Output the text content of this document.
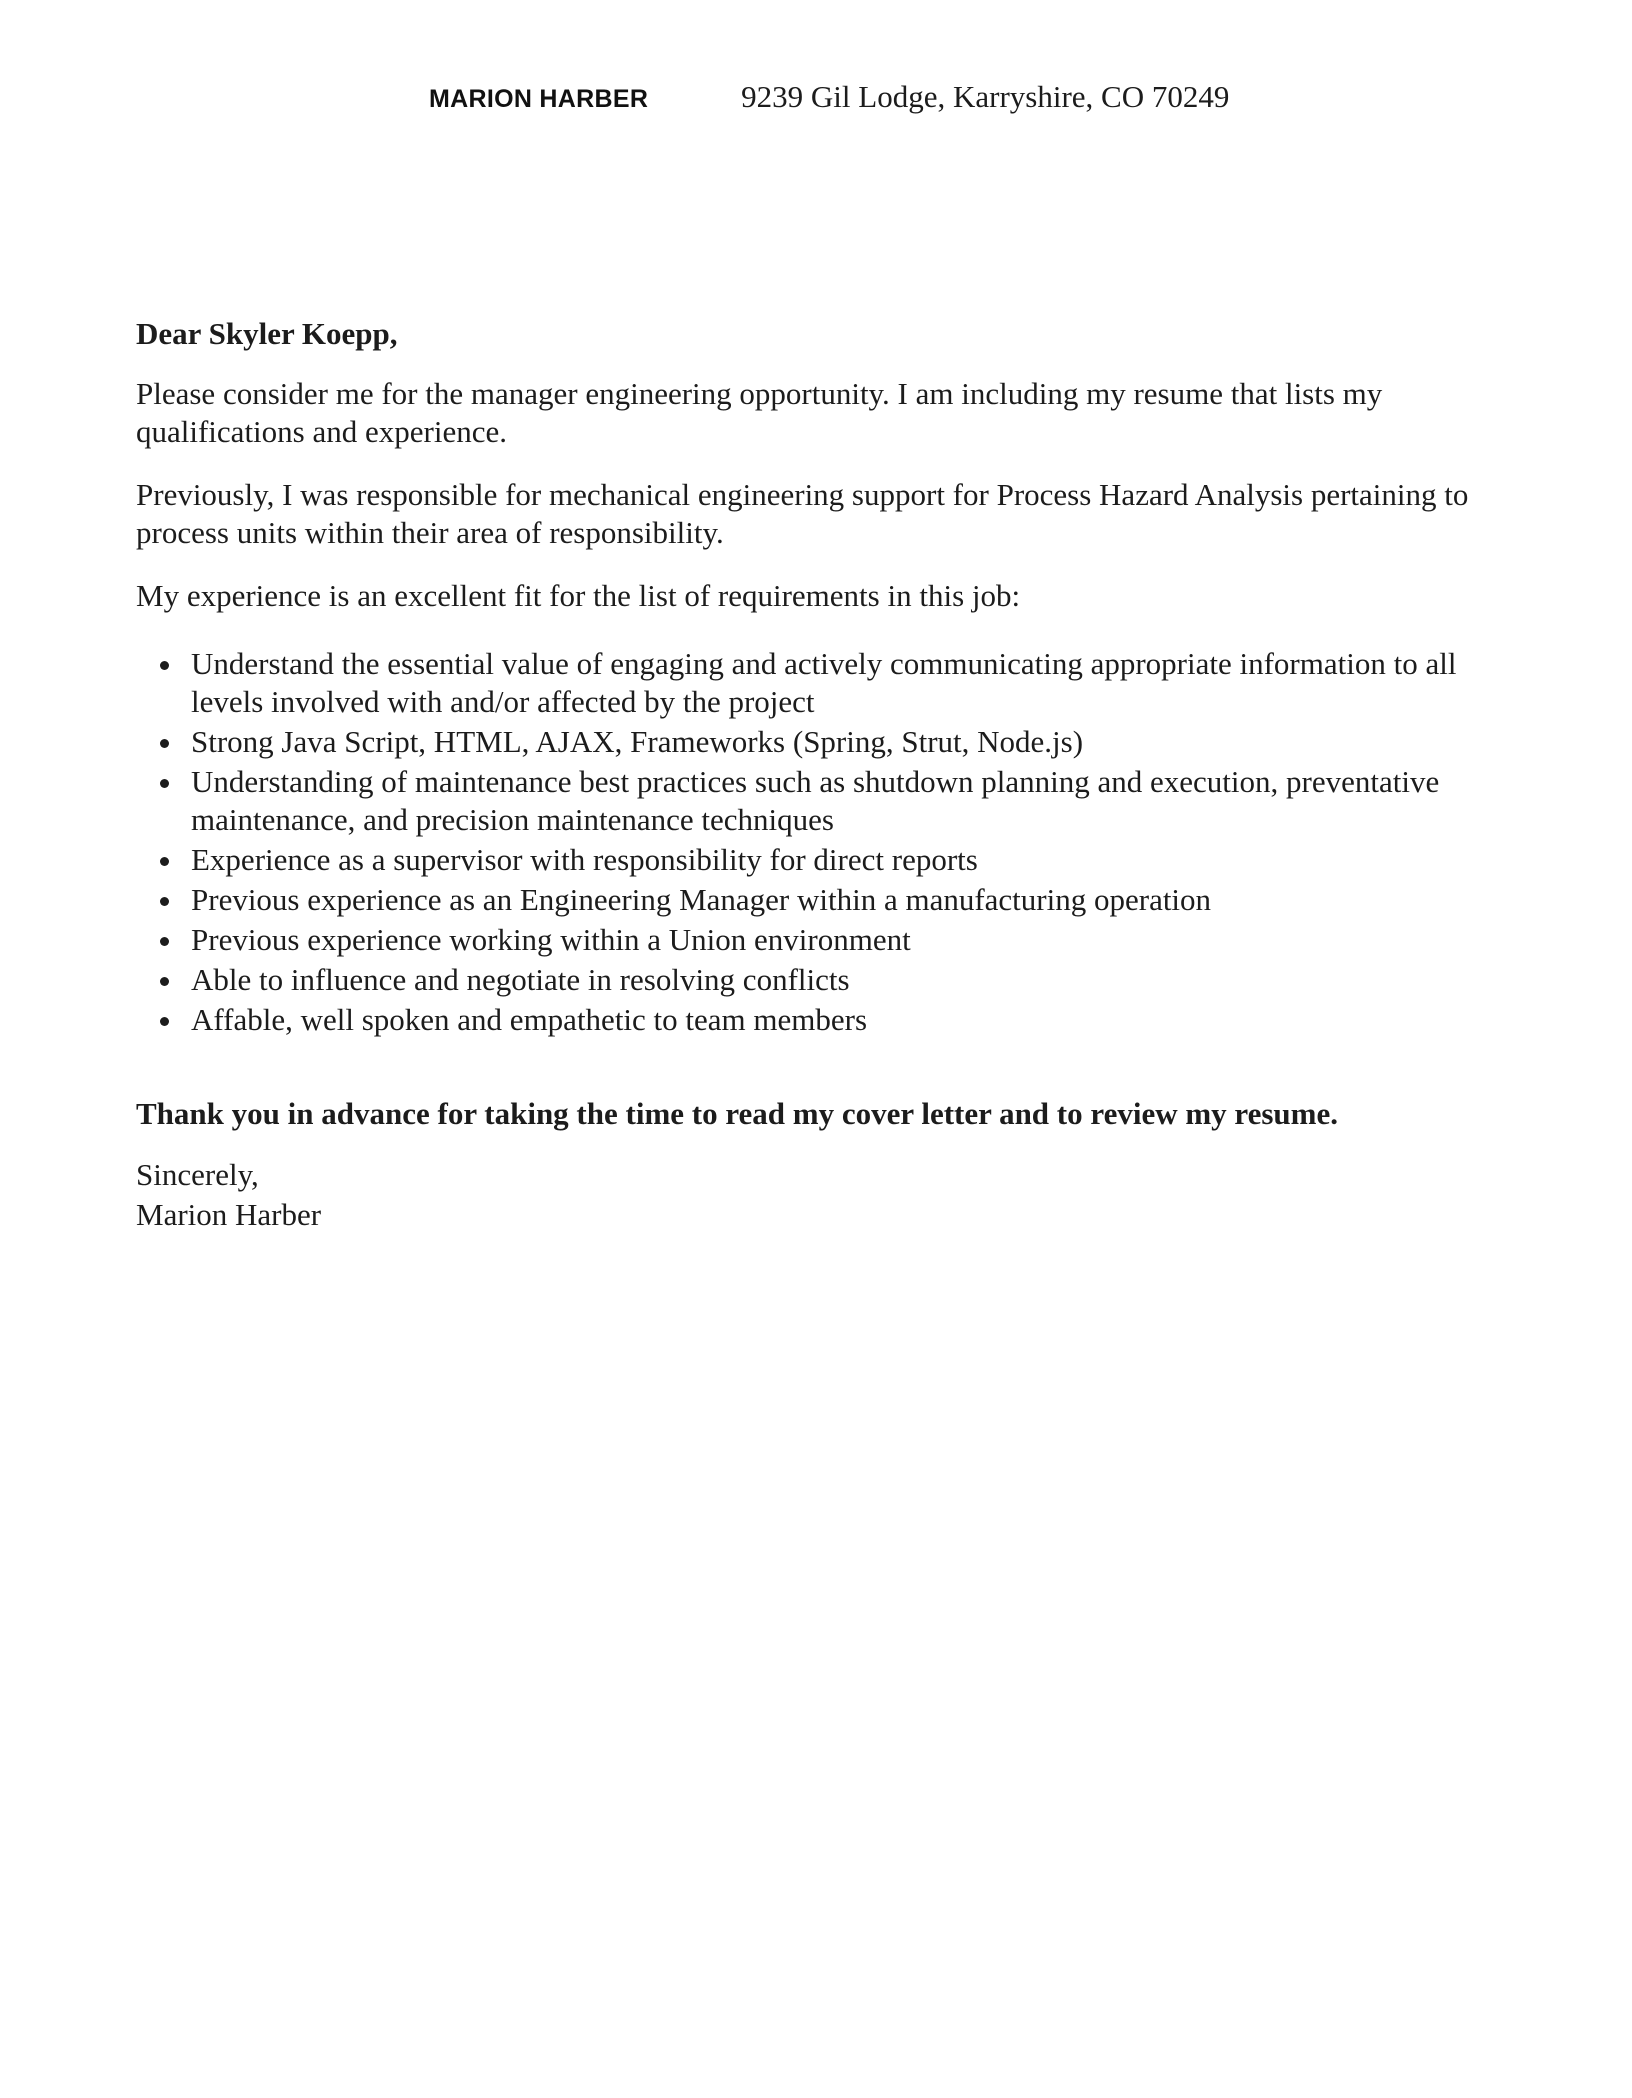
MARION HARBER	9239 Gil Lodge, Karryshire, CO 70249
Dear Skyler Koepp,

Please consider me for the manager engineering opportunity. I am including my resume that lists my qualifications and experience.

Previously, I was responsible for mechanical engineering support for Process Hazard Analysis pertaining to process units within their area of responsibility.

My experience is an excellent fit for the list of requirements in this job:

• Understand the essential value of engaging and actively communicating appropriate information to all levels involved with and/or affected by the project
• Strong Java Script, HTML, AJAX, Frameworks (Spring, Strut, Node.js)
• Understanding of maintenance best practices such as shutdown planning and execution, preventative maintenance, and precision maintenance techniques
• Experience as a supervisor with responsibility for direct reports
• Previous experience as an Engineering Manager within a manufacturing operation
• Previous experience working within a Union environment
• Able to influence and negotiate in resolving conflicts
• Affable, well spoken and empathetic to team members
Thank you in advance for taking the time to read my cover letter and to review my resume.
Sincerely,
Marion Harber
